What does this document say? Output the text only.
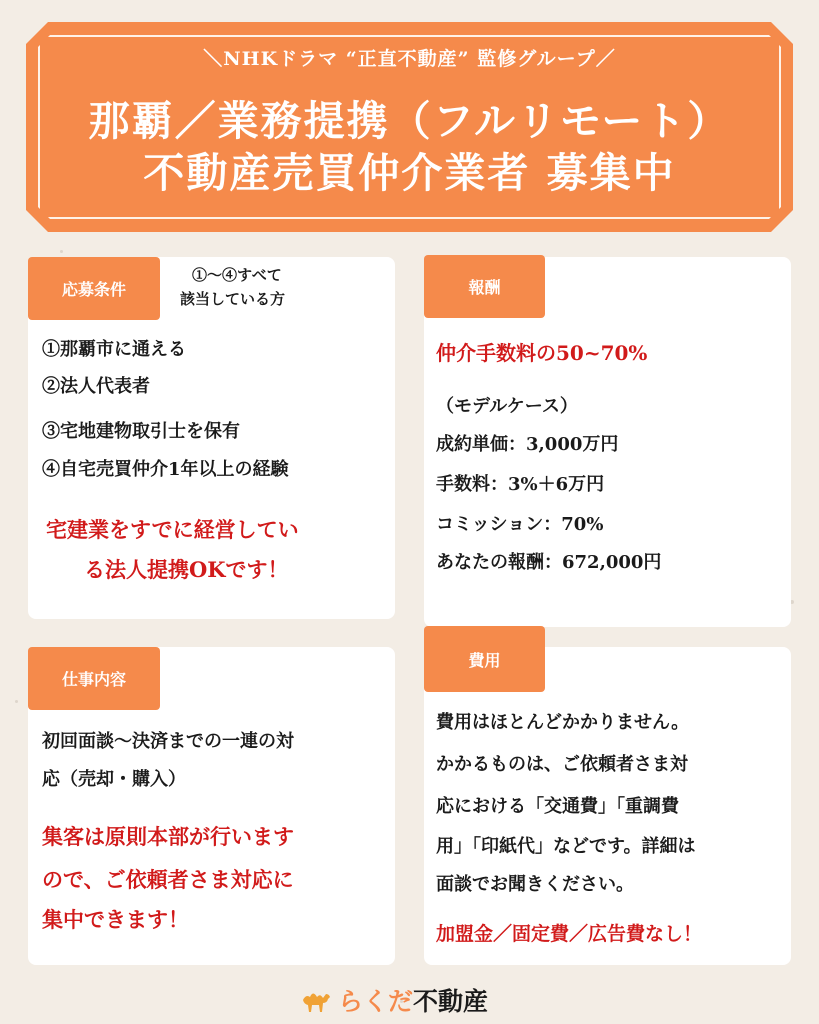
＼NHKドラマ “正直不動産” 監修グループ／
那覇／業務提携（フルリモート）
不動産売買仲介業者 募集中
応募条件
①〜④すべて
該当している方
①那覇市に通える
②法人代表者
③宅地建物取引士を保有
④自宅売買仲介1年以上の経験
宅建業をすでに経営してい
る法人提携OKです！
報酬
仲介手数料の50~70%
（モデルケース）
成約単価：3,000万円
手数料：3%＋6万円
コミッション：70%
あなたの報酬：672,000円
仕事内容
初回面談〜決済までの一連の対
応（売却・購入）
集客は原則本部が行います
ので、ご依頼者さま対応に
集中できます！
費用
費用はほとんどかかりません。
かかるものは、ご依頼者さま対
応における「交通費」「重調費
用」「印紙代」などです。詳細は
面談でお聞きください。
加盟金／固定費／広告費なし！
らくだ 不動産
